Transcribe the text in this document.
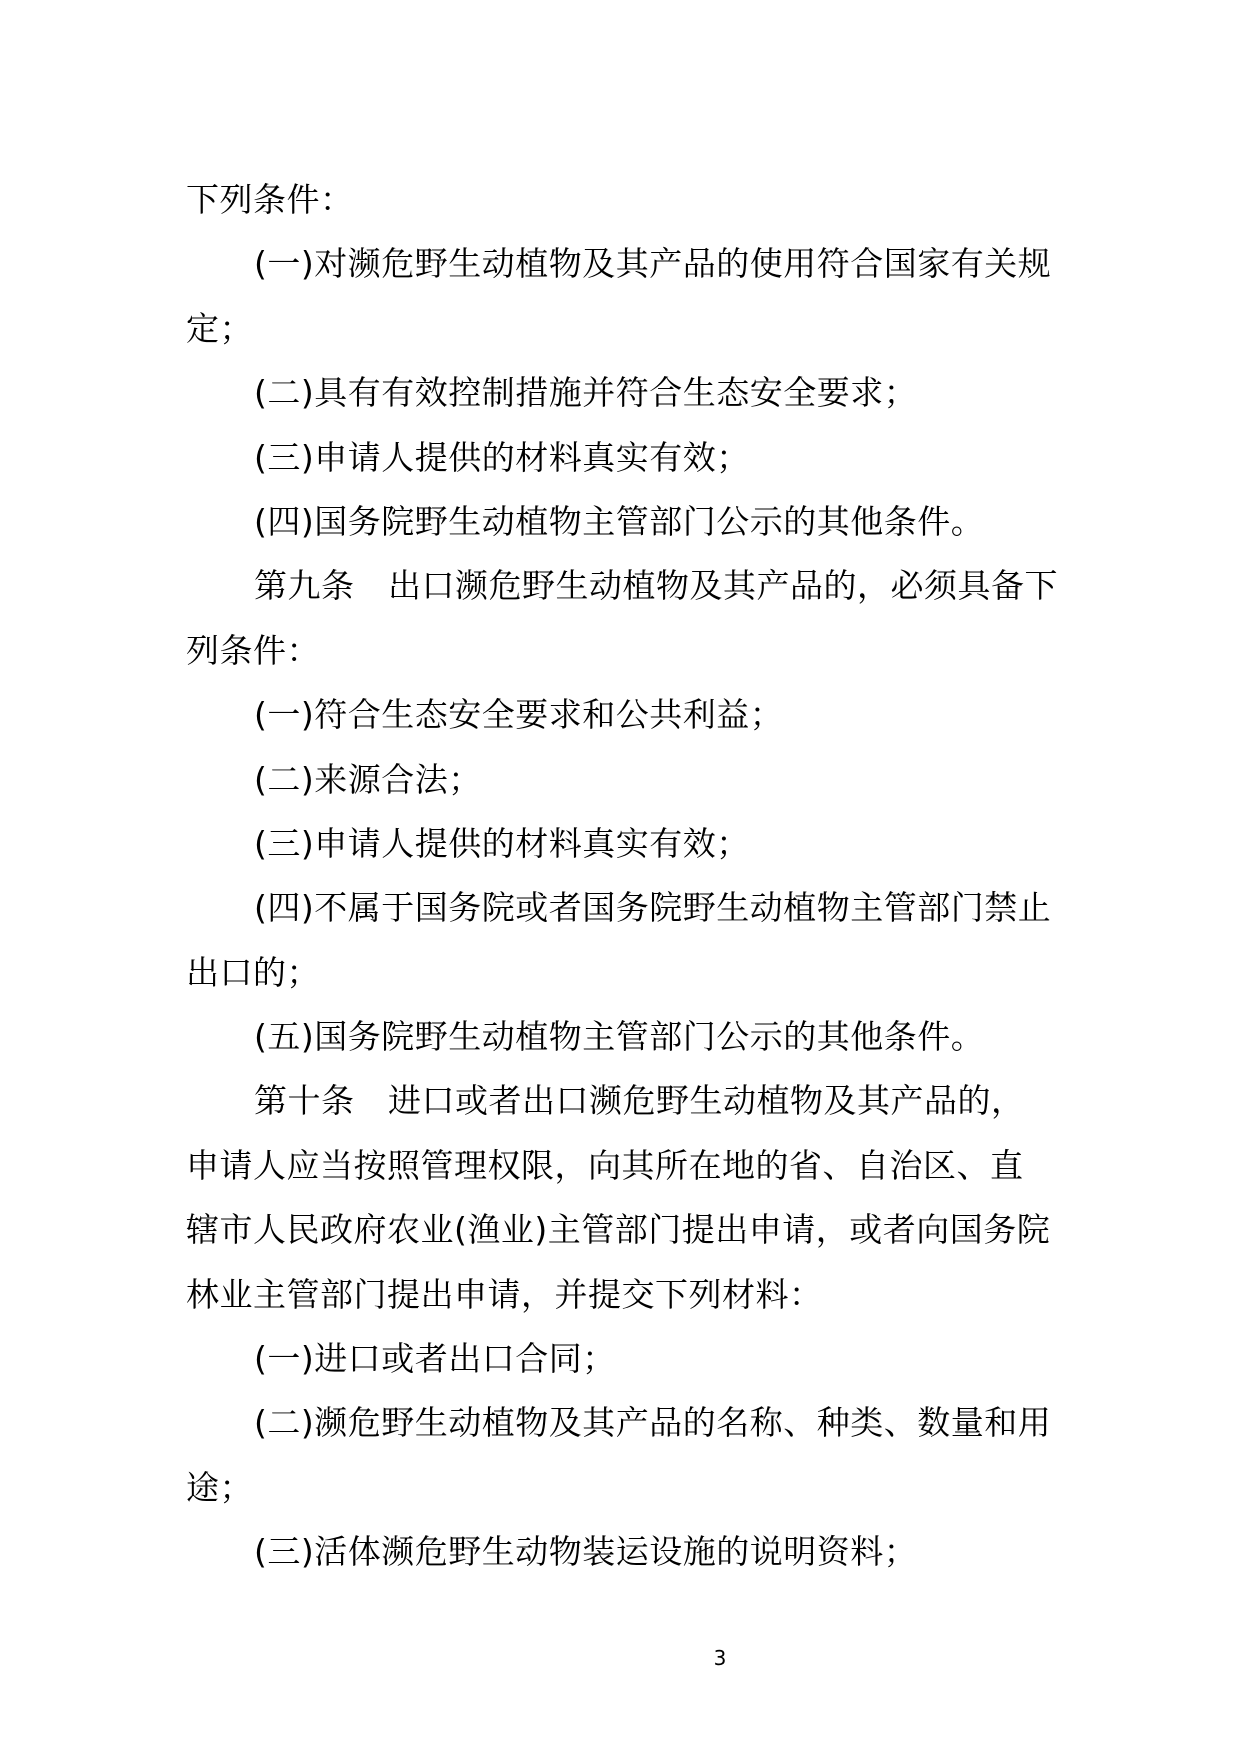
下列条件：
(一)对濒危野生动植物及其产品的使用符合国家有关规
定；
(二)具有有效控制措施并符合生态安全要求；
(三)申请人提供的材料真实有效；
(四)国务院野生动植物主管部门公示的其他条件。
第九条　出口濒危野生动植物及其产品的，必须具备下
列条件：
(一)符合生态安全要求和公共利益；
(二)来源合法；
(三)申请人提供的材料真实有效；
(四)不属于国务院或者国务院野生动植物主管部门禁止
出口的；
(五)国务院野生动植物主管部门公示的其他条件。
第十条　进口或者出口濒危野生动植物及其产品的，
申请人应当按照管理权限，向其所在地的省、自治区、直
辖市人民政府农业(渔业)主管部门提出申请，或者向国务院
林业主管部门提出申请，并提交下列材料：
(一)进口或者出口合同；
(二)濒危野生动植物及其产品的名称、种类、数量和用
途；
(三)活体濒危野生动物装运设施的说明资料；
3
